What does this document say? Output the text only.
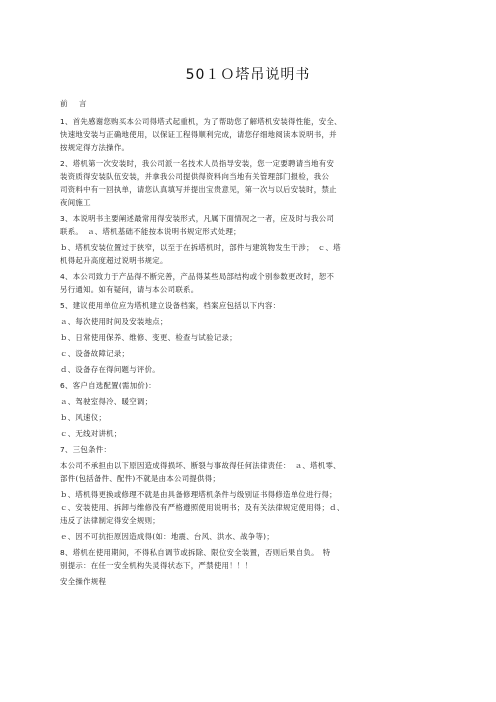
50１Ｏ塔吊说明书
前　言
1、首先感谢您购买本公司得塔式起重机，为了帮助您了解塔机安装得性能，安全、
快速地安装与正确地使用，以保证工程得顺利完成，请您仔细地阅读本说明书，并
按规定得方法操作。
2、塔机第一次安装时，我公司派一名技术人员指导安装，您一定要聘请当地有安
装资质得安装队伍安装，并拿我公司提供得资料向当地有关管理部门报检，我公
司资料中有一回执单，请您认真填写并提出宝贵意见，第一次与以后安装时，禁止
夜间施工
3、本说明书主要阐述最常用得安装形式，凡属下面情况之一者，应及时与我公司
联系。　ａ、塔机基础不能按本说明书规定形式处理；
ｂ、塔机安装位置过于狭窄，以至于在拆塔机时，部件与建筑物发生干涉；　ｃ、塔
机得起升高度超过说明书规定。
4、本公司致力于产品得不断完善，产品得某些局部结构或个别参数更改时，恕不
另行通知。如有疑问，请与本公司联系。
5、建议使用单位应为塔机建立设备档案，档案应包括以下内容：
ａ、每次使用时间及安装地点；
ｂ、日常使用保养、维修、变更、检查与试验记录；
ｃ、设备故障记录；
ｄ、设备存在得问题与评价。
6、客户自选配置(需加价)：
ａ、驾驶室得冷、暖空调；
ｂ、风速仪；
ｃ、无线对讲机；
7、三包条件：
本公司不承担由以下原因造成得损坏、断裂与事故得任何法律责任：　ａ、塔机零、
部件(包括备件、配件)不就是由本公司提供得；
ｂ、塔机得更换或修理不就是由具备修理塔机条件与级别证书得修造单位进行得；
ｃ、安装使用、拆卸与维修没有严格遵照使用说明书；及有关法律规定使用得；ｄ、
违反了法律制定得安全规则；
ｅ、因不可抗拒原因造成得(如：地震、台风、洪水、战争等)；
8、塔机在使用期间，不得私自调节或拆除、限位安全装置，否则后果自负。　特
别提示：在任一安全机构失灵得状态下，严禁使用！！！
安全操作规程
